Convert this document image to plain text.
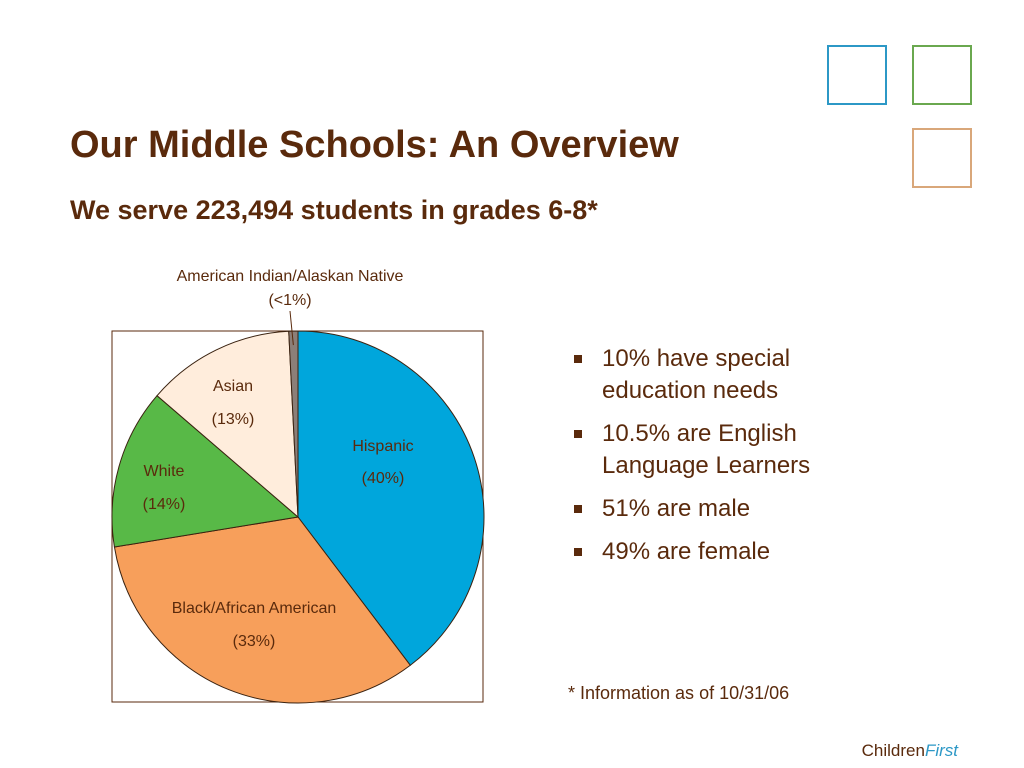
Our Middle Schools: An Overview
We serve 223,494 students in grades 6-8*
Hispanic
(40%)
Black/African American
(33%)
White
(14%)
Asian
(13%)
American Indian/Alaskan Native
(<1%)
10% have special education needs
10.5% are English Language Learners
51% are male
49% are female
* Information as of 10/31/06
ChildrenFirst
